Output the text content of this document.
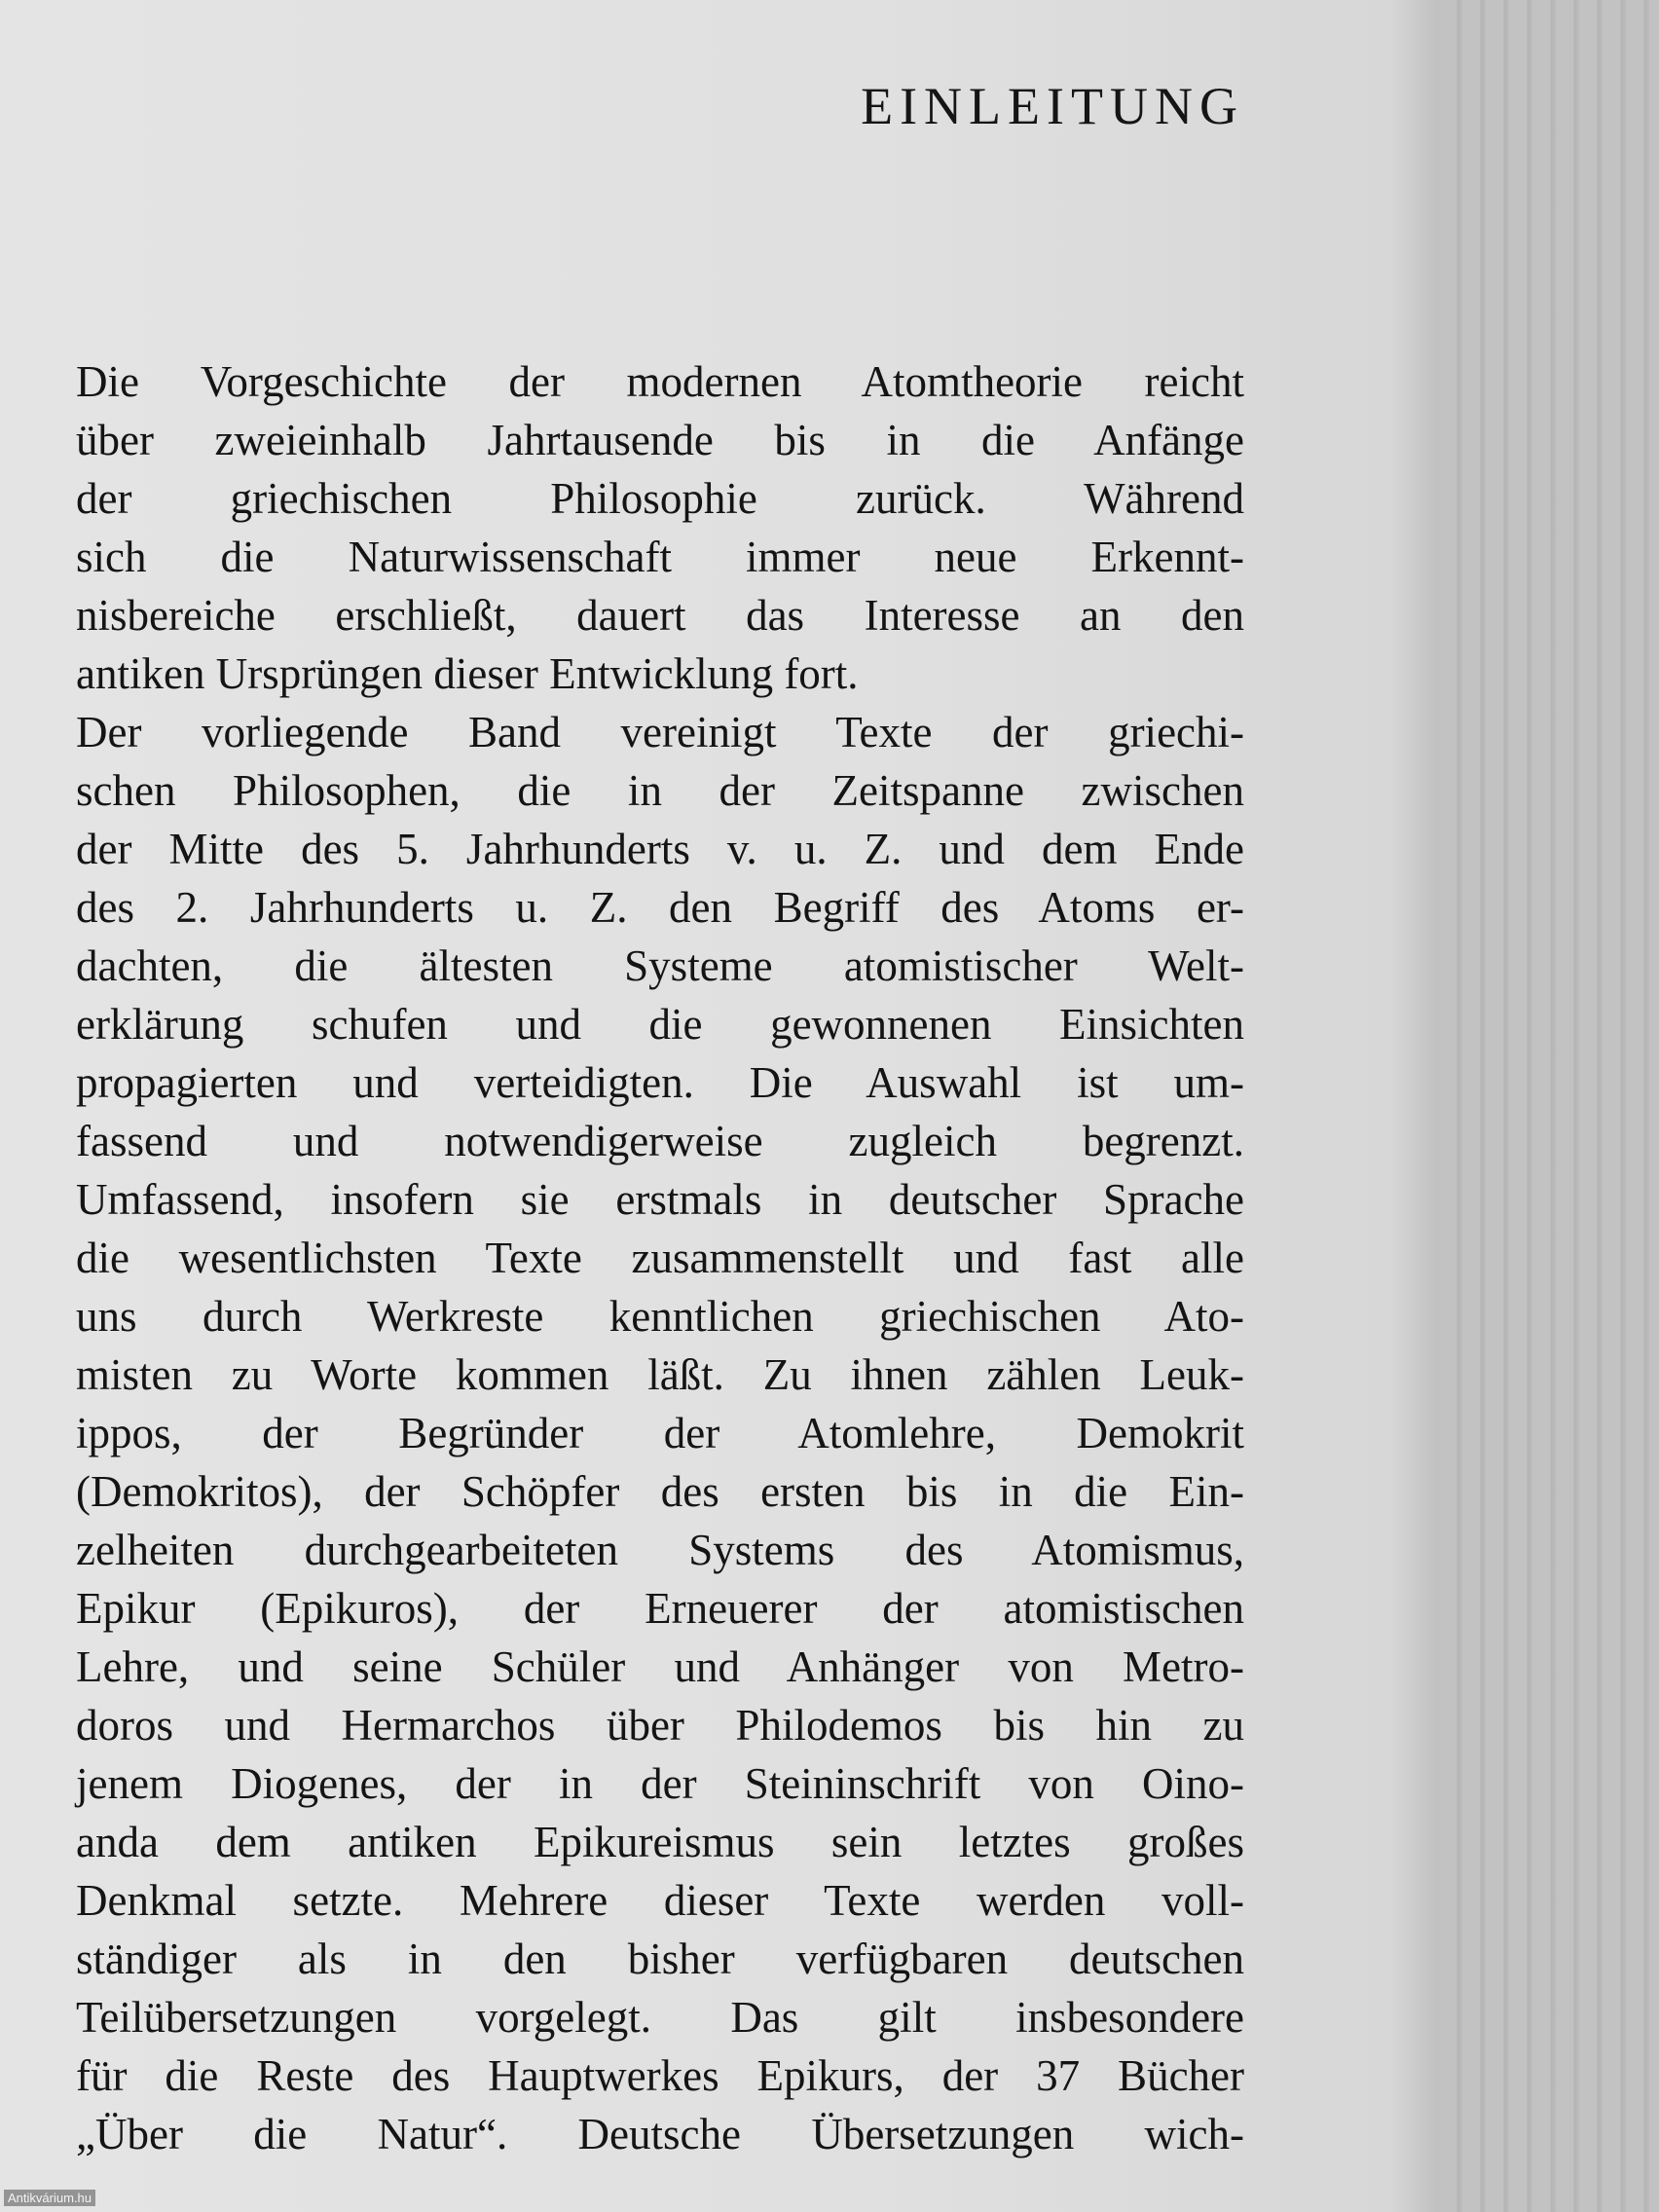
EINLEITUNG
Die Vorgeschichte der modernen Atomtheorie reicht
über zweieinhalb Jahrtausende bis in die Anfänge
der griechischen Philosophie zurück. Während
sich die Naturwissenschaft immer neue Erkennt-
nisbereiche erschließt, dauert das Interesse an den
antiken Ursprüngen dieser Entwicklung fort.
Der vorliegende Band vereinigt Texte der griechi-
schen Philosophen, die in der Zeitspanne zwischen
der Mitte des 5. Jahrhunderts v. u. Z. und dem Ende
des 2. Jahrhunderts u. Z. den Begriff des Atoms er-
dachten, die ältesten Systeme atomistischer Welt-
erklärung schufen und die gewonnenen Einsichten
propagierten und verteidigten. Die Auswahl ist um-
fassend und notwendigerweise zugleich begrenzt.
Umfassend, insofern sie erstmals in deutscher Sprache
die wesentlichsten Texte zusammenstellt und fast alle
uns durch Werkreste kenntlichen griechischen Ato-
misten zu Worte kommen läßt. Zu ihnen zählen Leuk-
ippos, der Begründer der Atomlehre, Demokrit
(Demokritos), der Schöpfer des ersten bis in die Ein-
zelheiten durchgearbeiteten Systems des Atomismus,
Epikur (Epikuros), der Erneuerer der atomistischen
Lehre, und seine Schüler und Anhänger von Metro-
doros und Hermarchos über Philodemos bis hin zu
jenem Diogenes, der in der Steininschrift von Oino-
anda dem antiken Epikureismus sein letztes großes
Denkmal setzte. Mehrere dieser Texte werden voll-
ständiger als in den bisher verfügbaren deutschen
Teilübersetzungen vorgelegt. Das gilt insbesondere
für die Reste des Hauptwerkes Epikurs, der 37 Bücher
„Über die Natur“. Deutsche Übersetzungen wich-

Antikvárium.hu
